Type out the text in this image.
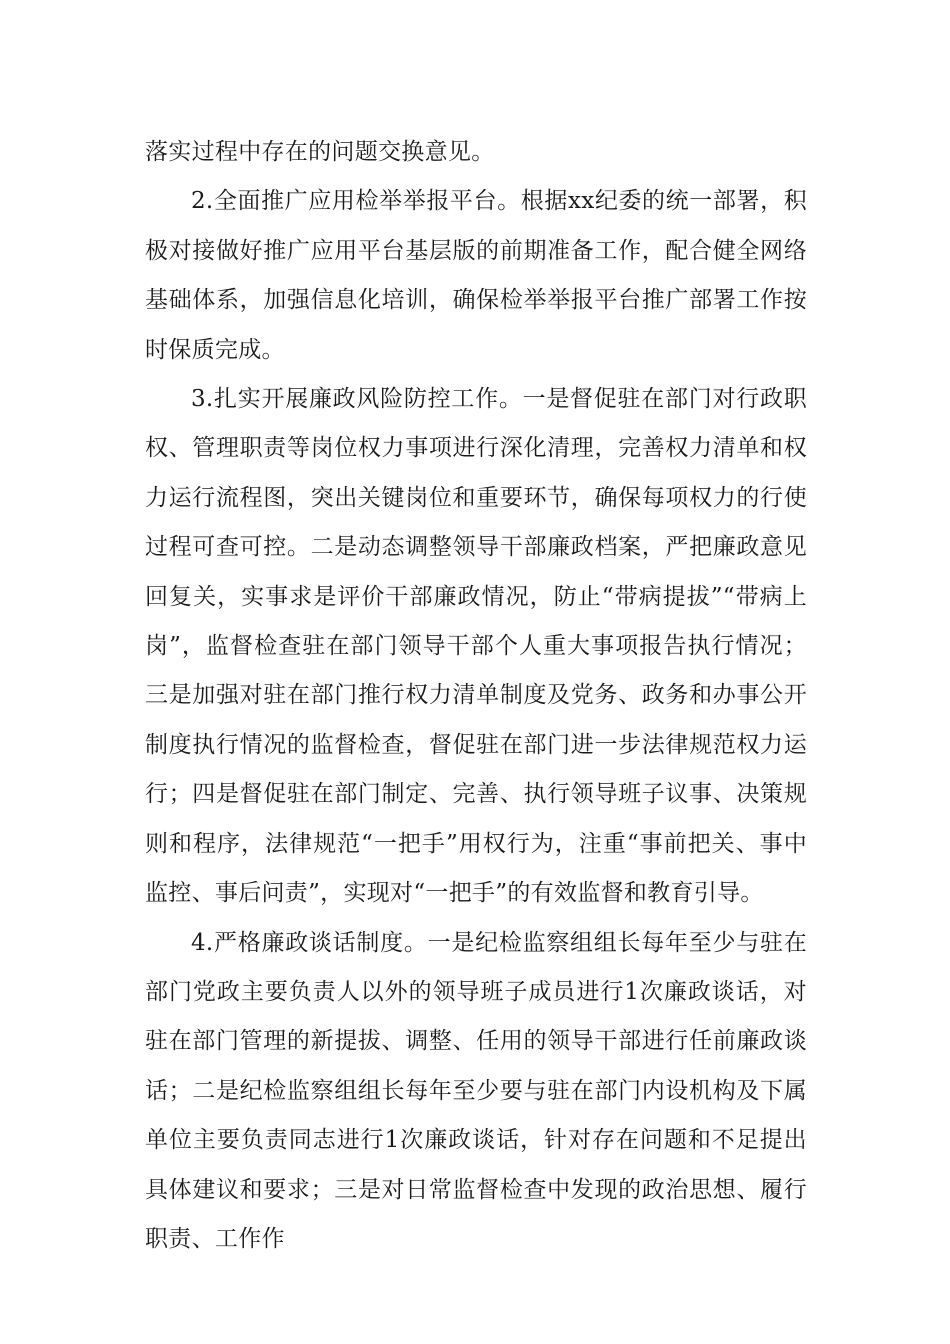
落实过程中存在的问题交换意见。

2.全面推广应用检举举报平台。根据xx纪委的统一部署，积极对接做好推广应用平台基层版的前期准备工作，配合健全网络基础体系，加强信息化培训，确保检举举报平台推广部署工作按时保质完成。

3.扎实开展廉政风险防控工作。一是督促驻在部门对行政职权、管理职责等岗位权力事项进行深化清理，完善权力清单和权力运行流程图，突出关键岗位和重要环节，确保每项权力的行使过程可查可控。二是动态调整领导干部廉政档案，严把廉政意见回复关，实事求是评价干部廉政情况，防止“带病提拔”“带病上岗”，监督检查驻在部门领导干部个人重大事项报告执行情况；三是加强对驻在部门推行权力清单制度及党务、政务和办事公开制度执行情况的监督检查，督促驻在部门进一步法律规范权力运行；四是督促驻在部门制定、完善、执行领导班子议事、决策规则和程序，法律规范“一把手”用权行为，注重“事前把关、事中监控、事后问责”，实现对“一把手”的有效监督和教育引导。

4.严格廉政谈话制度。一是纪检监察组组长每年至少与驻在部门党政主要负责人以外的领导班子成员进行1次廉政谈话，对驻在部门管理的新提拔、调整、任用的领导干部进行任前廉政谈话；二是纪检监察组组长每年至少要与驻在部门内设机构及下属单位主要负责同志进行1次廉政谈话，针对存在问题和不足提出具体建议和要求；三是对日常监督检查中发现的政治思想、履行职责、工作作
